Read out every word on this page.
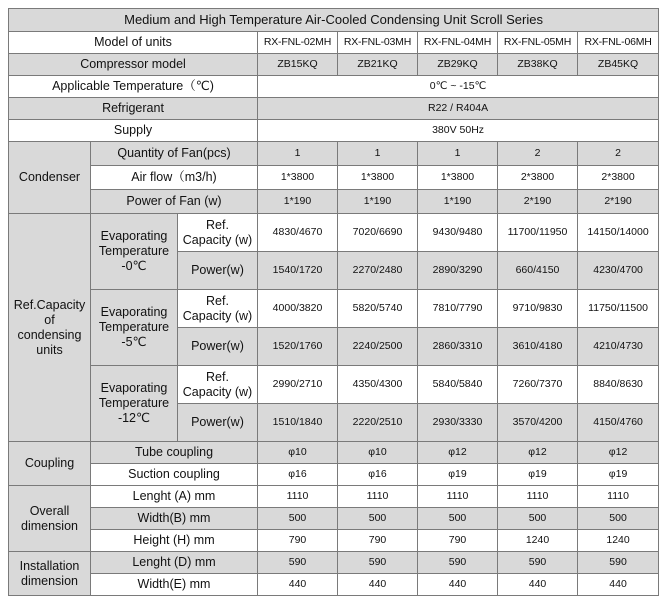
Medium and High Temperature Air-Cooled Condensing Unit Scroll Series							
Model of units			RX-FNL-02MH	RX-FNL-03MH	RX-FNL-04MH	RX-FNL-05MH	RX-FNL-06MH
Compressor model			ZB15KQ	ZB21KQ	ZB29KQ	ZB38KQ	ZB45KQ
Applicable Temperature（℃)			0℃ ~ -15℃				
Refrigerant			R22 / R404A				
Supply			380V 50Hz				
Condenser	Quantity of Fan(pcs)		1	1	1	2	2
	Air flow（m3/h)		1*3800	1*3800	1*3800	2*3800	2*3800
	Power of Fan (w)		1*190	1*190	1*190	2*190	2*190
Ref.Capacity
of
condensing
units	Evaporating
Temperature
-0℃	Ref.
Capacity (w)	4830/4670	7020/6690	9430/9480	11700/11950	14150/14000
		Power(w)	1540/1720	2270/2480	2890/3290	660/4150	4230/4700
	Evaporating
Temperature
-5℃	Ref.
Capacity (w)	4000/3820	5820/5740	7810/7790	9710/9830	11750/11500
		Power(w)	1520/1760	2240/2500	2860/3310	3610/4180	4210/4730
	Evaporating
Temperature
-12℃	Ref.
Capacity (w)	2990/2710	4350/4300	5840/5840	7260/7370	8840/8630
		Power(w)	1510/1840	2220/2510	2930/3330	3570/4200	4150/4760
Coupling	Tube coupling		φ10	φ10	φ12	φ12	φ12
	Suction coupling		φ16	φ16	φ19	φ19	φ19
Overall
dimension	Lenght (A) mm		1110	1110	1110	1110	1110
	Width(B) mm		500	500	500	500	500
	Height (H) mm		790	790	790	1240	1240
Installation
dimension	Lenght (D) mm		590	590	590	590	590
	Width(E) mm		440	440	440	440	440
